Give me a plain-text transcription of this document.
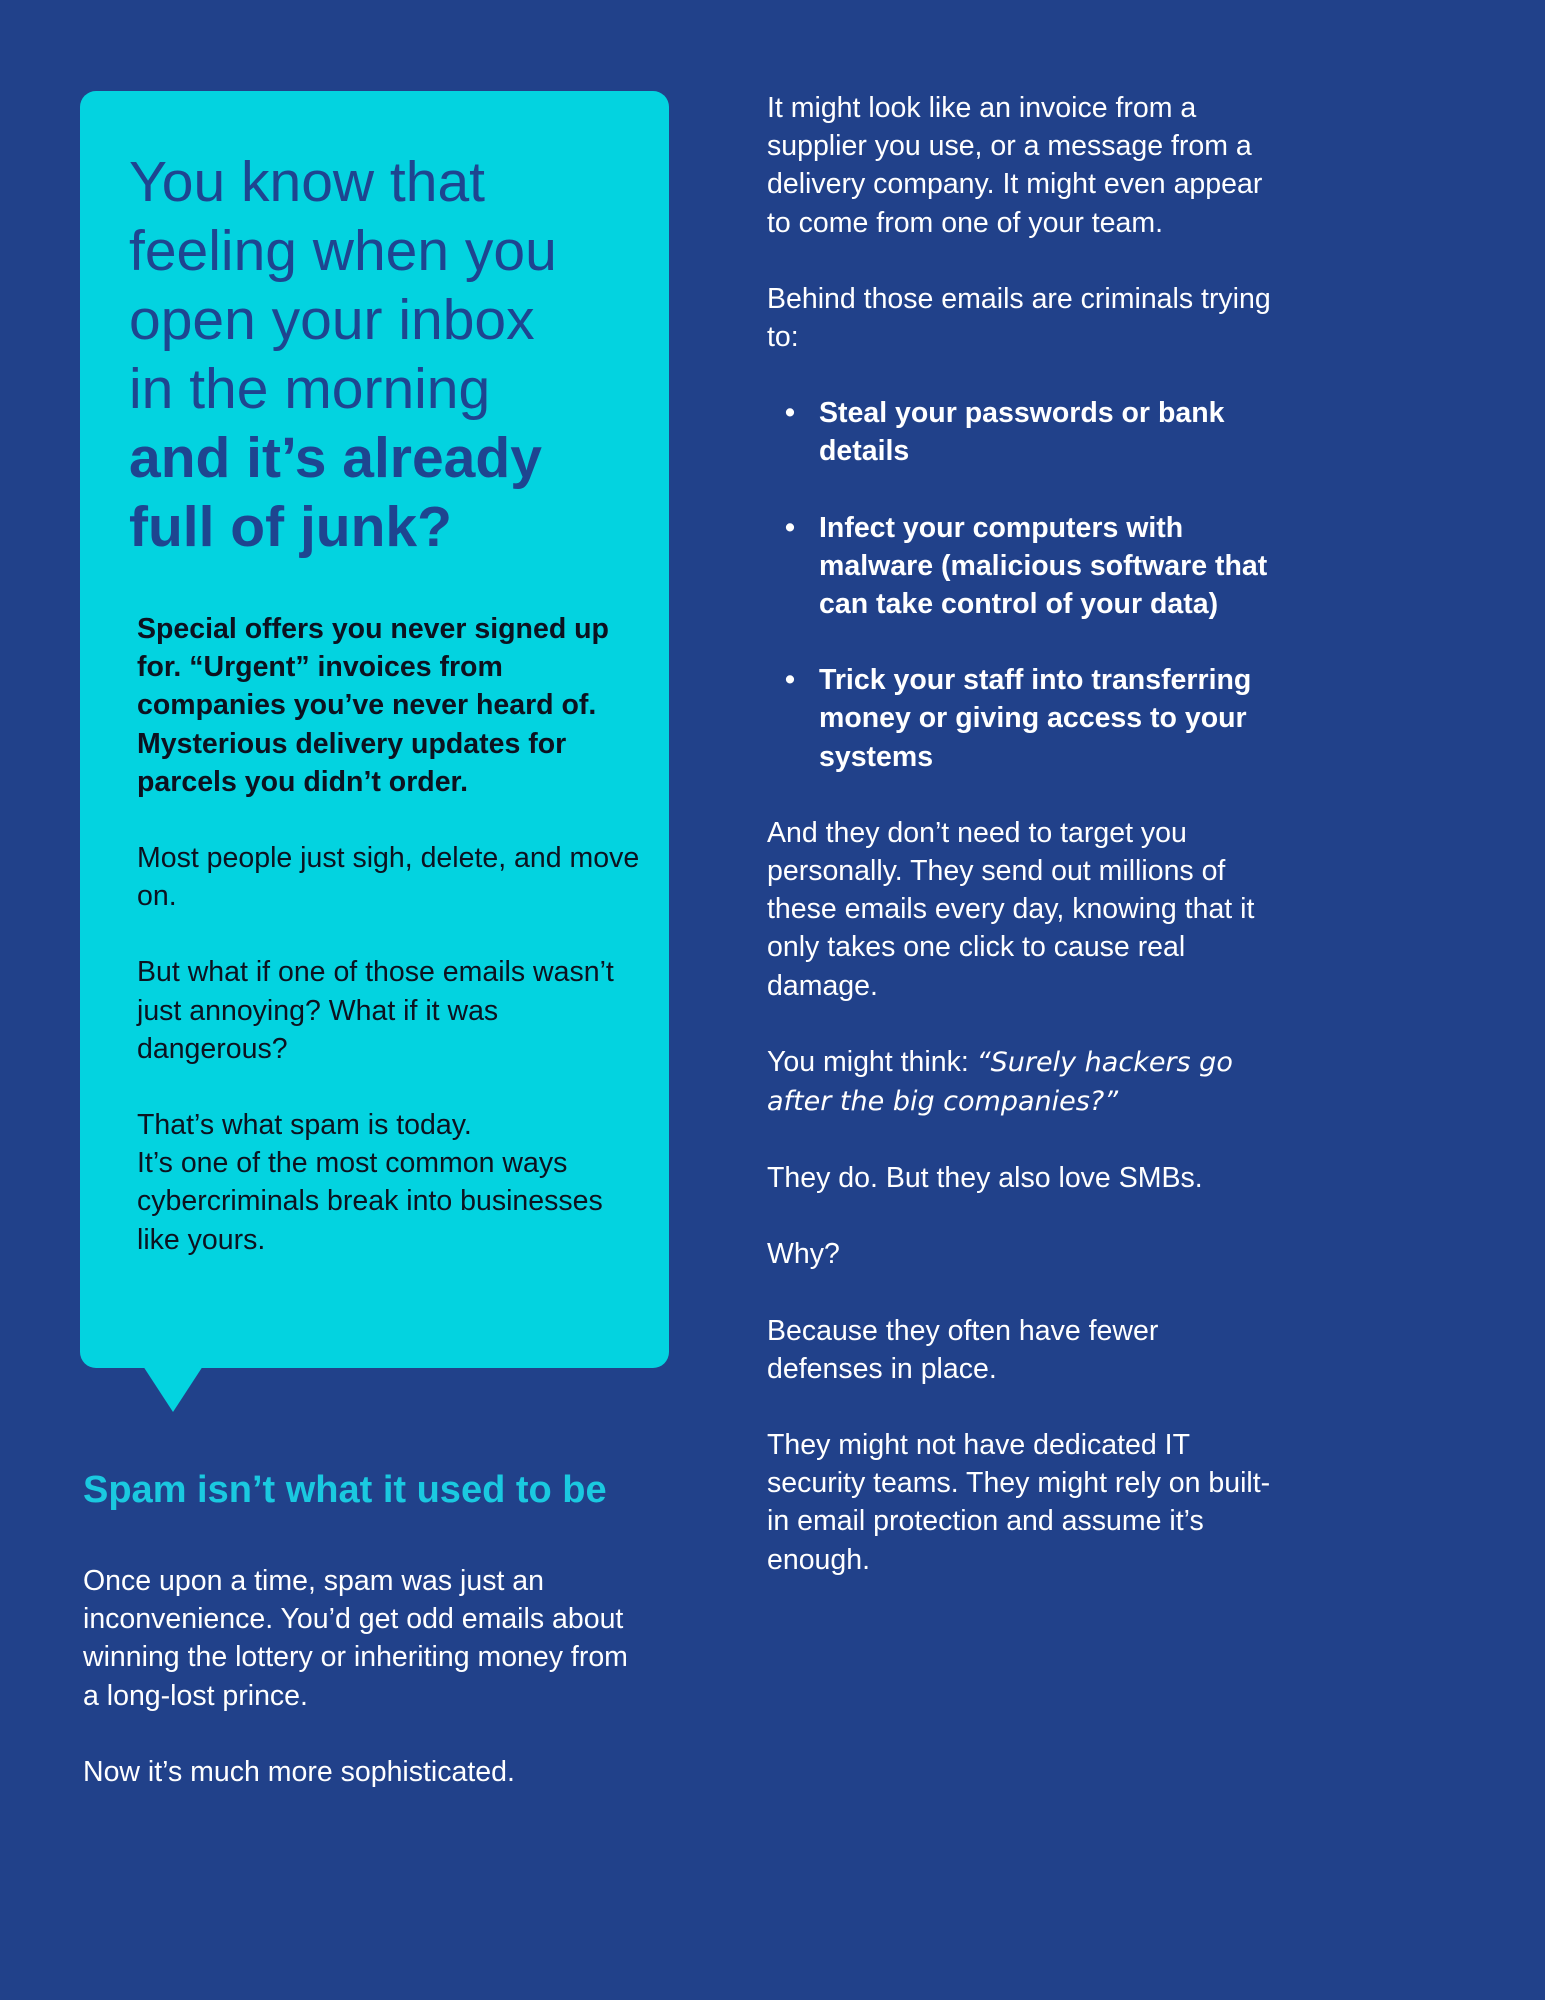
You know that
feeling when you
open your inbox
in the morning
and it’s already
full of junk?

Special offers you never signed up for. “Urgent” invoices from companies you’ve never heard of. Mysterious delivery updates for parcels you didn’t order.

Most people just sigh, delete, and move on.

But what if one of those emails wasn’t just annoying? What if it was dangerous?

That’s what spam is today.
It’s one of the most common ways cybercriminals break into businesses like yours.

Spam isn’t what it used to be

Once upon a time, spam was just an inconvenience. You’d get odd emails about winning the lottery or inheriting money from a long-lost prince.

Now it’s much more sophisticated.

It might look like an invoice from a supplier you use, or a message from a delivery company. It might even appear to come from one of your team.

Behind those emails are criminals trying to:

• Steal your passwords or bank details
• Infect your computers with malware (malicious software that can take control of your data)
• Trick your staff into transferring money or giving access to your systems

And they don’t need to target you personally. They send out millions of these emails every day, knowing that it only takes one click to cause real damage.

You might think: “Surely hackers go after the big companies?”

They do. But they also love SMBs.

Why?

Because they often have fewer defenses in place.

They might not have dedicated IT security teams. They might rely on built-in email protection and assume it’s enough.
